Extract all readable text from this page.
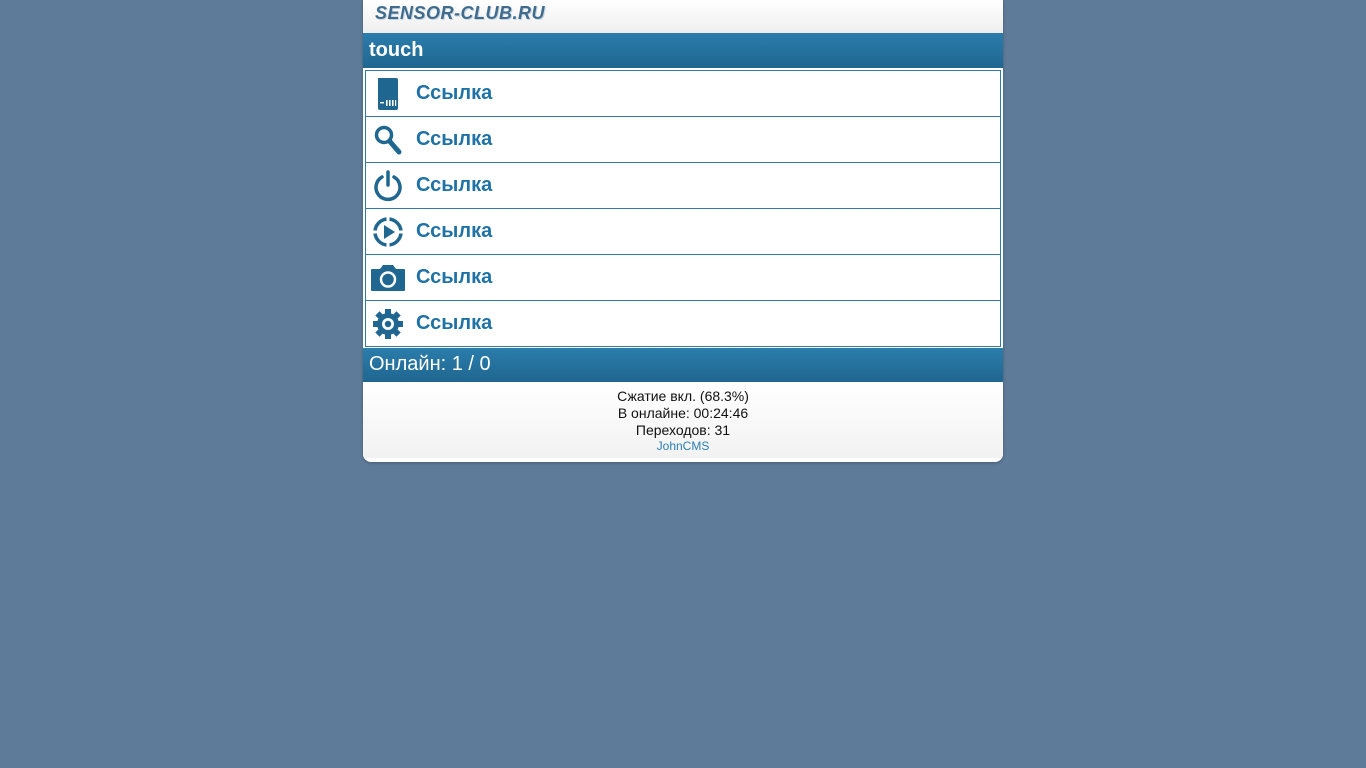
SENSOR-CLUB.RU
touch
Ссылка
Ссылка
Ссылка
Ссылка
Ссылка
Ссылка
Онлайн: 1 / 0
Сжатие вкл. (68.3%)
В онлайне: 00:24:46
Переходов: 31
JohnCMS
